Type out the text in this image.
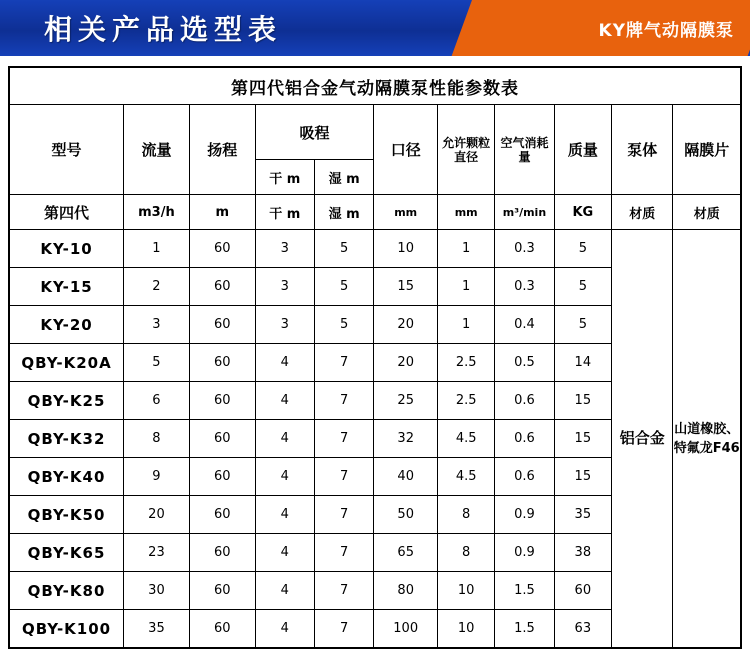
相关产品选型表	KY牌气动隔膜泵
第四代铝合金气动隔膜泵性能参数表										
型号	流量	扬程	吸程		口径	允许颗粒直径	空气消耗量	质量	泵体	隔膜片
			干 m	湿 m						
第四代	m3/h	m	干 m	湿 m	mm	mm	m³/min	KG	材质	材质
KY-10	1	60	3	5	10	1	0.3	5	铝合金	山道橡胶、特氟龙F46
KY-15	2	60	3	5	15	1	0.3	5		
KY-20	3	60	3	5	20	1	0.4	5		
QBY-K20A	5	60	4	7	20	2.5	0.5	14		
QBY-K25	6	60	4	7	25	2.5	0.6	15		
QBY-K32	8	60	4	7	32	4.5	0.6	15		
QBY-K40	9	60	4	7	40	4.5	0.6	15		
QBY-K50	20	60	4	7	50	8	0.9	35		
QBY-K65	23	60	4	7	65	8	0.9	38		
QBY-K80	30	60	4	7	80	10	1.5	60		
QBY-K100	35	60	4	7	100	10	1.5	63		
